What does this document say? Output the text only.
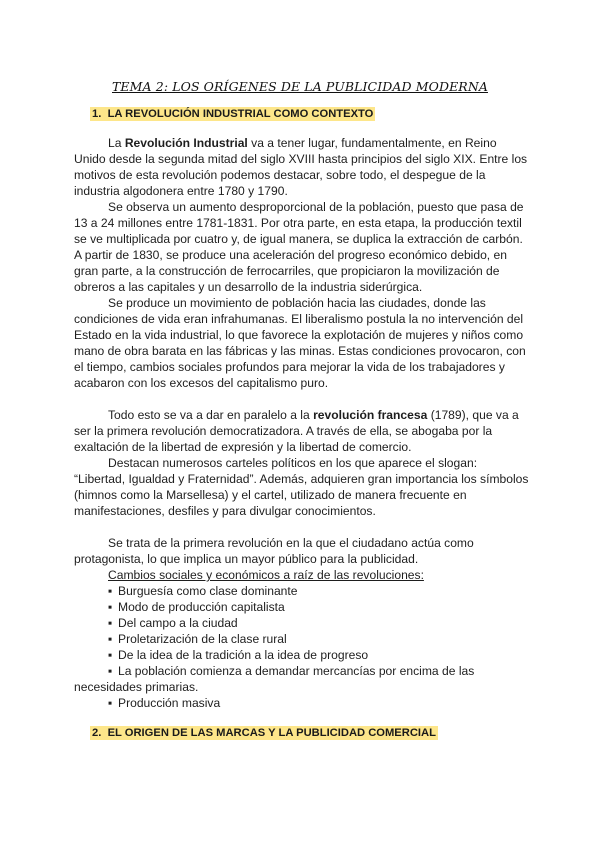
TEMA 2: LOS ORÍGENES DE LA PUBLICIDAD MODERNA
1. LA REVOLUCIÓN INDUSTRIAL COMO CONTEXTO

La Revolución Industrial va a tener lugar, fundamentalmente, en Reino Unido desde la segunda mitad del siglo XVIII hasta principios del siglo XIX. Entre los motivos de esta revolución podemos destacar, sobre todo, el despegue de la industria algodonera entre 1780 y 1790.

Se observa un aumento desproporcional de la población, puesto que pasa de 13 a 24 millones entre 1781-1831. Por otra parte, en esta etapa, la producción textil se ve multiplicada por cuatro y, de igual manera, se duplica la extracción de carbón. A partir de 1830, se produce una aceleración del progreso económico debido, en gran parte, a la construcción de ferrocarriles, que propiciaron la movilización de obreros a las capitales y un desarrollo de la industria siderúrgica.

Se produce un movimiento de población hacia las ciudades, donde las condiciones de vida eran infrahumanas. El liberalismo postula la no intervención del Estado en la vida industrial, lo que favorece la explotación de mujeres y niños como mano de obra barata en las fábricas y las minas. Estas condiciones provocaron, con el tiempo, cambios sociales profundos para mejorar la vida de los trabajadores y acabaron con los excesos del capitalismo puro.

Todo esto se va a dar en paralelo a la revolución francesa (1789), que va a ser la primera revolución democratizadora. A través de ella, se abogaba por la exaltación de la libertad de expresión y la libertad de comercio.

Destacan numerosos carteles políticos en los que aparece el slogan: “Libertad, Igualdad y Fraternidad”. Además, adquieren gran importancia los símbolos (himnos como la Marsellesa) y el cartel, utilizado de manera frecuente en manifestaciones, desfiles y para divulgar conocimientos.

Se trata de la primera revolución en la que el ciudadano actúa como protagonista, lo que implica un mayor público para la publicidad.

Cambios sociales y económicos a raíz de las revoluciones:
▪ Burguesía como clase dominante
▪ Modo de producción capitalista
▪ Del campo a la ciudad
▪ Proletarización de la clase rural
▪ De la idea de la tradición a la idea de progreso
▪ La población comienza a demandar mercancías por encima de las necesidades primarias.
▪ Producción masiva
2. EL ORIGEN DE LAS MARCAS Y LA PUBLICIDAD COMERCIAL
